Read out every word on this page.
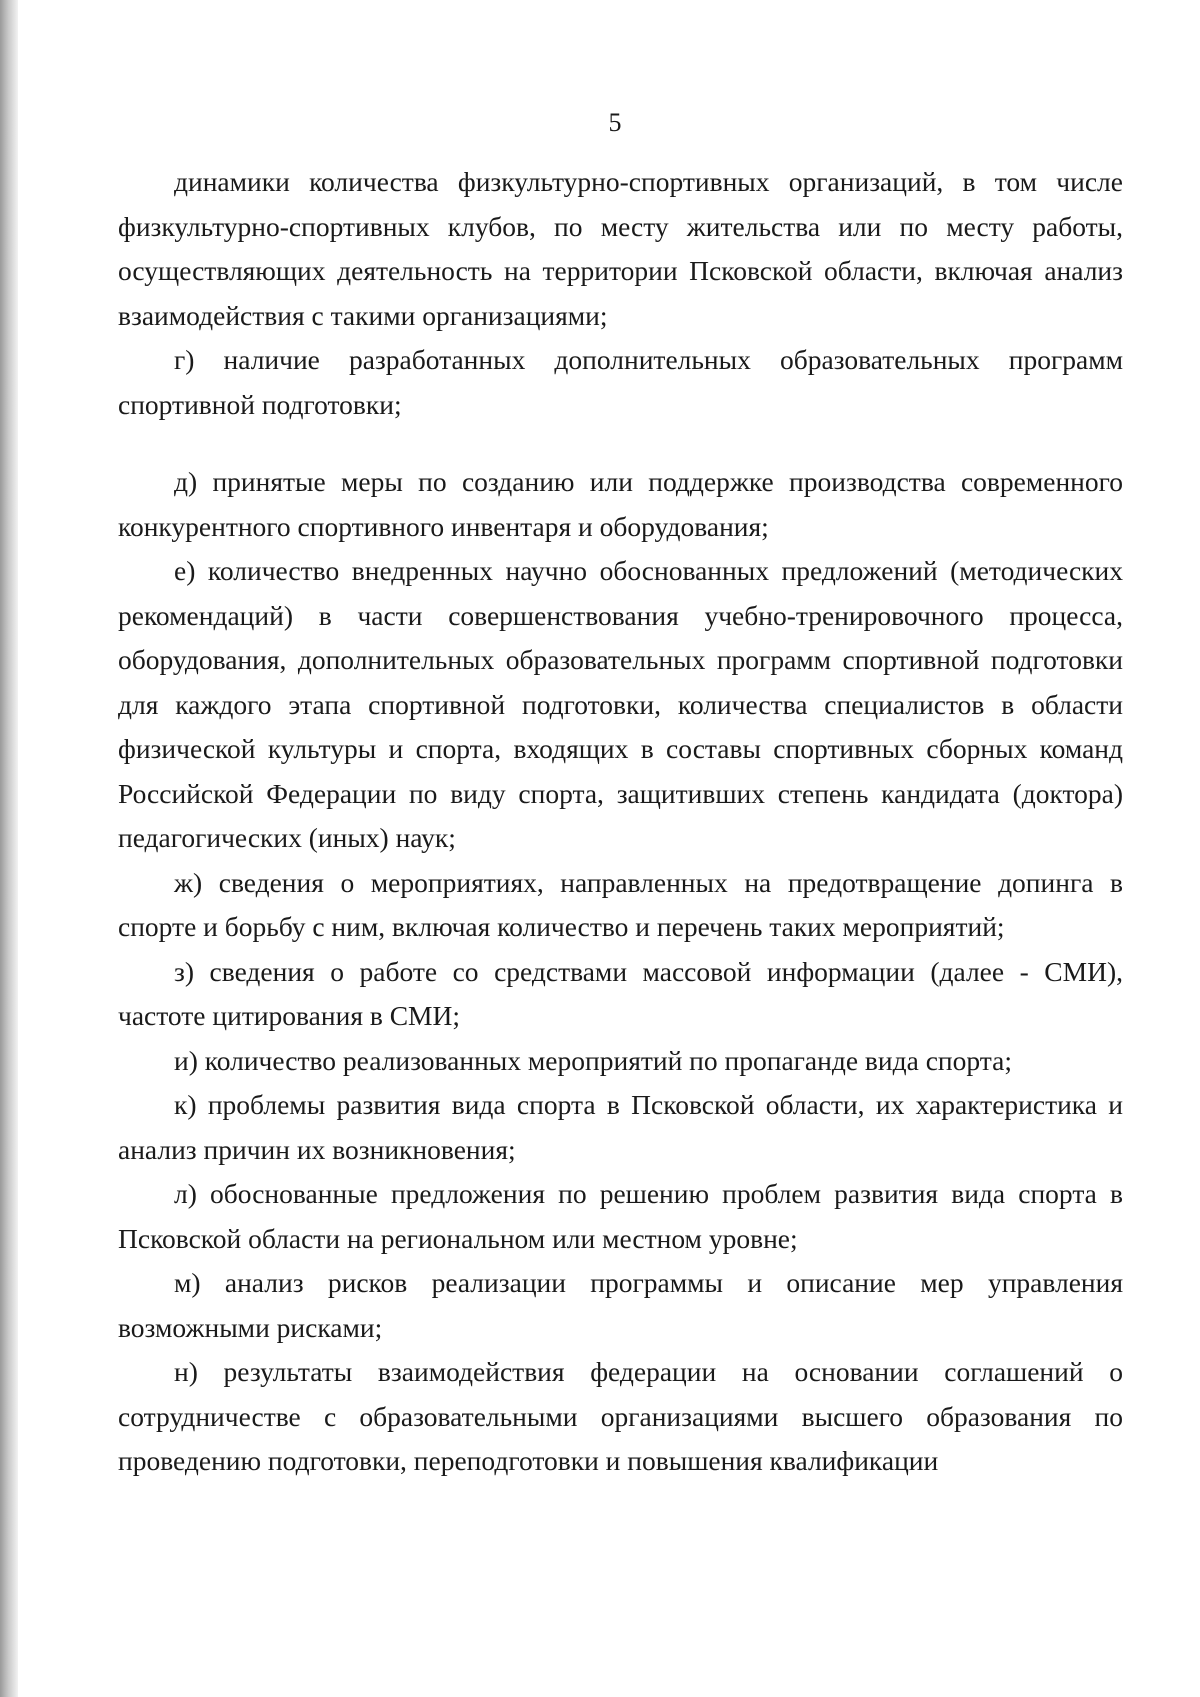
5

динамики количества физкультурно-спортивных организаций, в том числе физкультурно-спортивных клубов, по месту жительства или по месту работы, осуществляющих деятельность на территории Псковской области, включая анализ взаимодействия с такими организациями;

г) наличие разработанных дополнительных образовательных программ спортивной подготовки;

д) принятые меры по созданию или поддержке производства современного конкурентного спортивного инвентаря и оборудования;

е) количество внедренных научно обоснованных предложений (методических рекомендаций) в части совершенствования учебно-тренировочного процесса, оборудования, дополнительных образовательных программ спортивной подготовки для каждого этапа спортивной подготовки, количества специалистов в области физической культуры и спорта, входящих в составы спортивных сборных команд Российской Федерации по виду спорта, защитивших степень кандидата (доктора) педагогических (иных) наук;

ж) сведения о мероприятиях, направленных на предотвращение допинга в спорте и борьбу с ним, включая количество и перечень таких мероприятий;

з) сведения о работе со средствами массовой информации (далее - СМИ), частоте цитирования в СМИ;

и) количество реализованных мероприятий по пропаганде вида спорта;

к) проблемы развития вида спорта в Псковской области, их характеристика и анализ причин их возникновения;

л) обоснованные предложения по решению проблем развития вида спорта в Псковской области на региональном или местном уровне;

м) анализ рисков реализации программы и описание мер управления возможными рисками;

н) результаты взаимодействия федерации на основании соглашений о сотрудничестве с образовательными организациями высшего образования по проведению подготовки, переподготовки и повышения квалификации
